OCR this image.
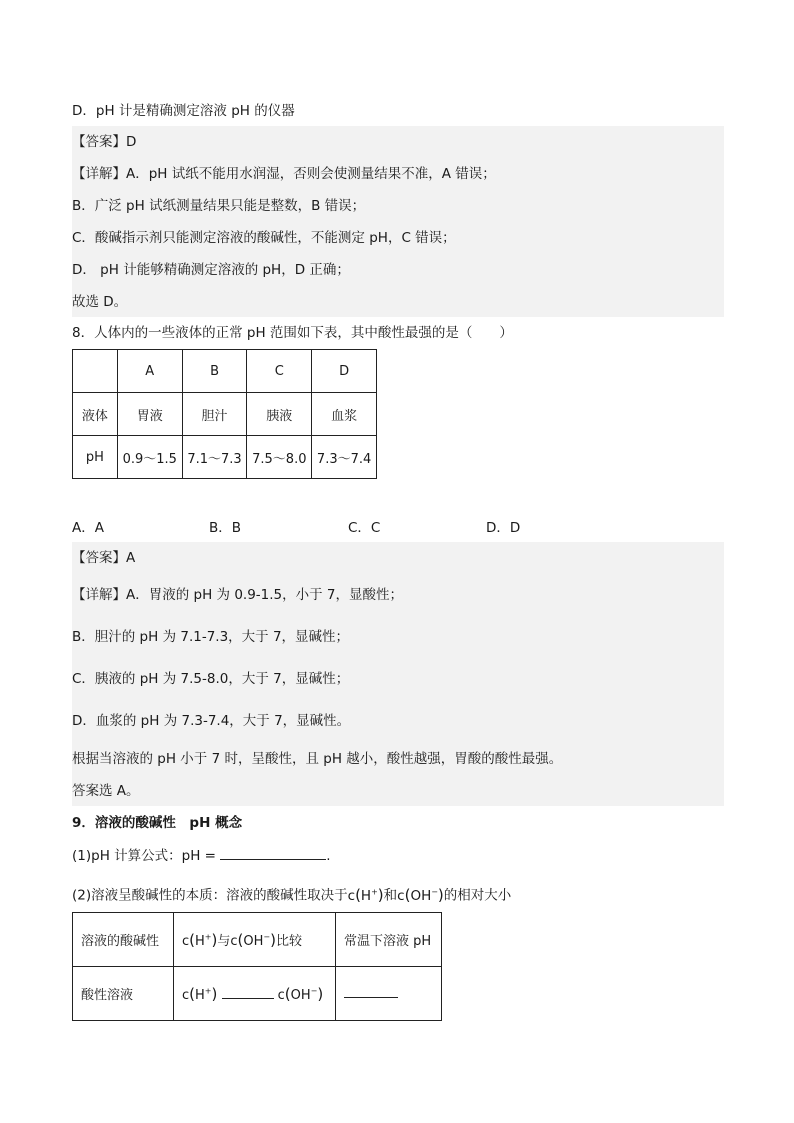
D．pH 计是精确测定溶液 pH 的仪器
【答案】D
【详解】A．pH 试纸不能用水润湿，否则会使测量结果不准，A 错误；
B．广泛 pH 试纸测量结果只能是整数，B 错误；
C．酸碱指示剂只能测定溶液的酸碱性，不能测定 pH，C 错误；
D． pH 计能够精确测定溶液的 pH，D 正确；
故选 D。
8．人体内的一些液体的正常 pH 范围如下表，其中酸性最强的是（　　）
	A	B	C	D
液体	胃液	胆汁	胰液	血浆
pH	0.9～1.5	7.1～7.3	7.5～8.0	7.3～7.4
A．A	B．B	C．C	D．D
【答案】A
【详解】A．胃液的 pH 为 0.9-1.5，小于 7，显酸性；
B．胆汁的 pH 为 7.1-7.3，大于 7，显碱性；
C．胰液的 pH 为 7.5-8.0，大于 7，显碱性；
D．血浆的 pH 为 7.3-7.4，大于 7，显碱性。
根据当溶液的 pH 小于 7 时，呈酸性，且 pH 越小，酸性越强，胃酸的酸性最强。
答案选 A。
9．溶液的酸碱性　pH 概念
(1)pH 计算公式：pH =	.
(2)溶液呈酸碱性的本质：溶液的酸碱性取决于c(H+)和c(OH−)的相对大小
溶液的酸碱性	c(H+)与c(OH−)比较	常温下溶液 pH
酸性溶液	c(H+) c(OH−)	
